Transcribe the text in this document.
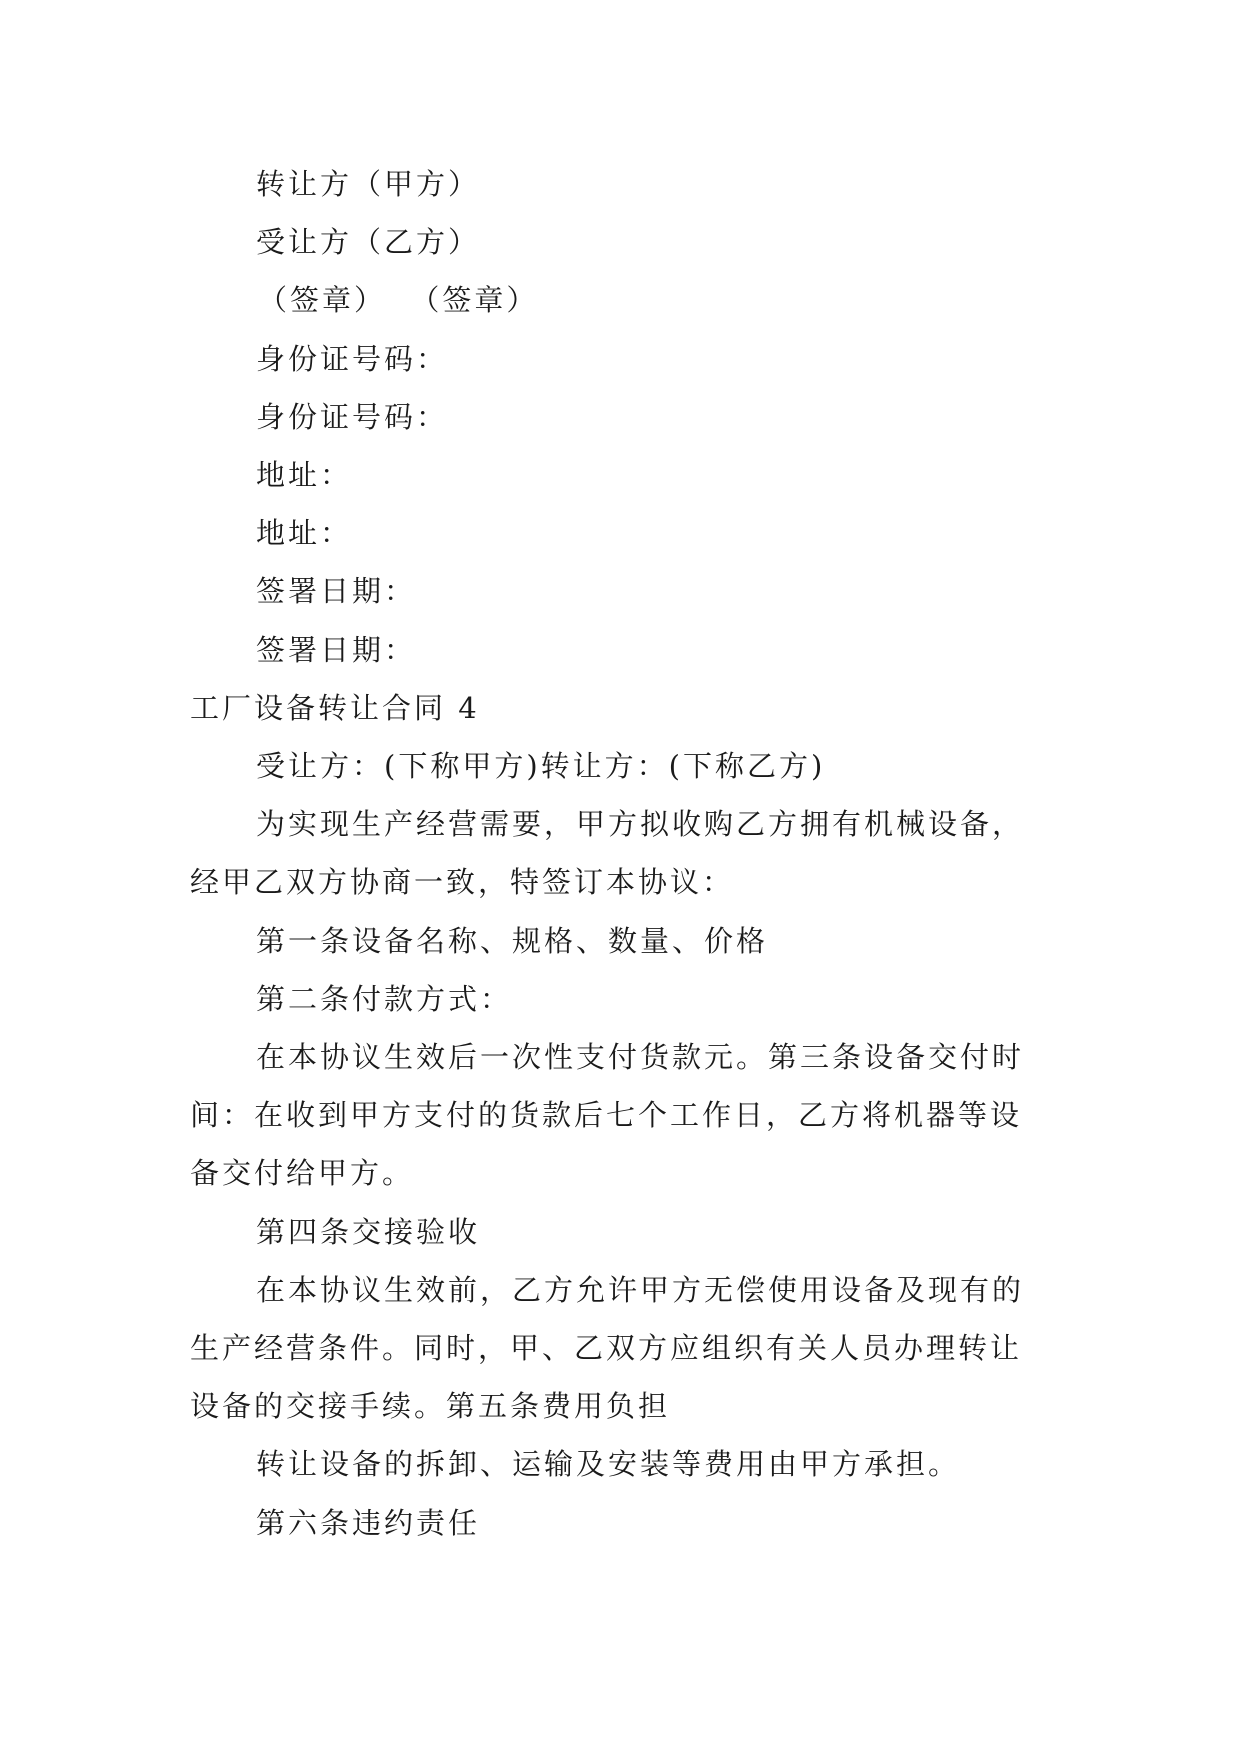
转让方（甲方）
受让方（乙方）
（签章）  （签章）
身份证号码：
身份证号码：
地址：
地址：
签署日期：
签署日期：
工厂设备转让合同 4
受让方：(下称甲方)转让方：(下称乙方)
为实现生产经营需要，甲方拟收购乙方拥有机械设备，
经甲乙双方协商一致，特签订本协议：
第一条设备名称、规格、数量、价格
第二条付款方式：
在本协议生效后一次性支付货款元。第三条设备交付时
间：在收到甲方支付的货款后七个工作日，乙方将机器等设
备交付给甲方。
第四条交接验收
在本协议生效前，乙方允许甲方无偿使用设备及现有的
生产经营条件。同时，甲、乙双方应组织有关人员办理转让
设备的交接手续。第五条费用负担
转让设备的拆卸、运输及安装等费用由甲方承担。
第六条违约责任
